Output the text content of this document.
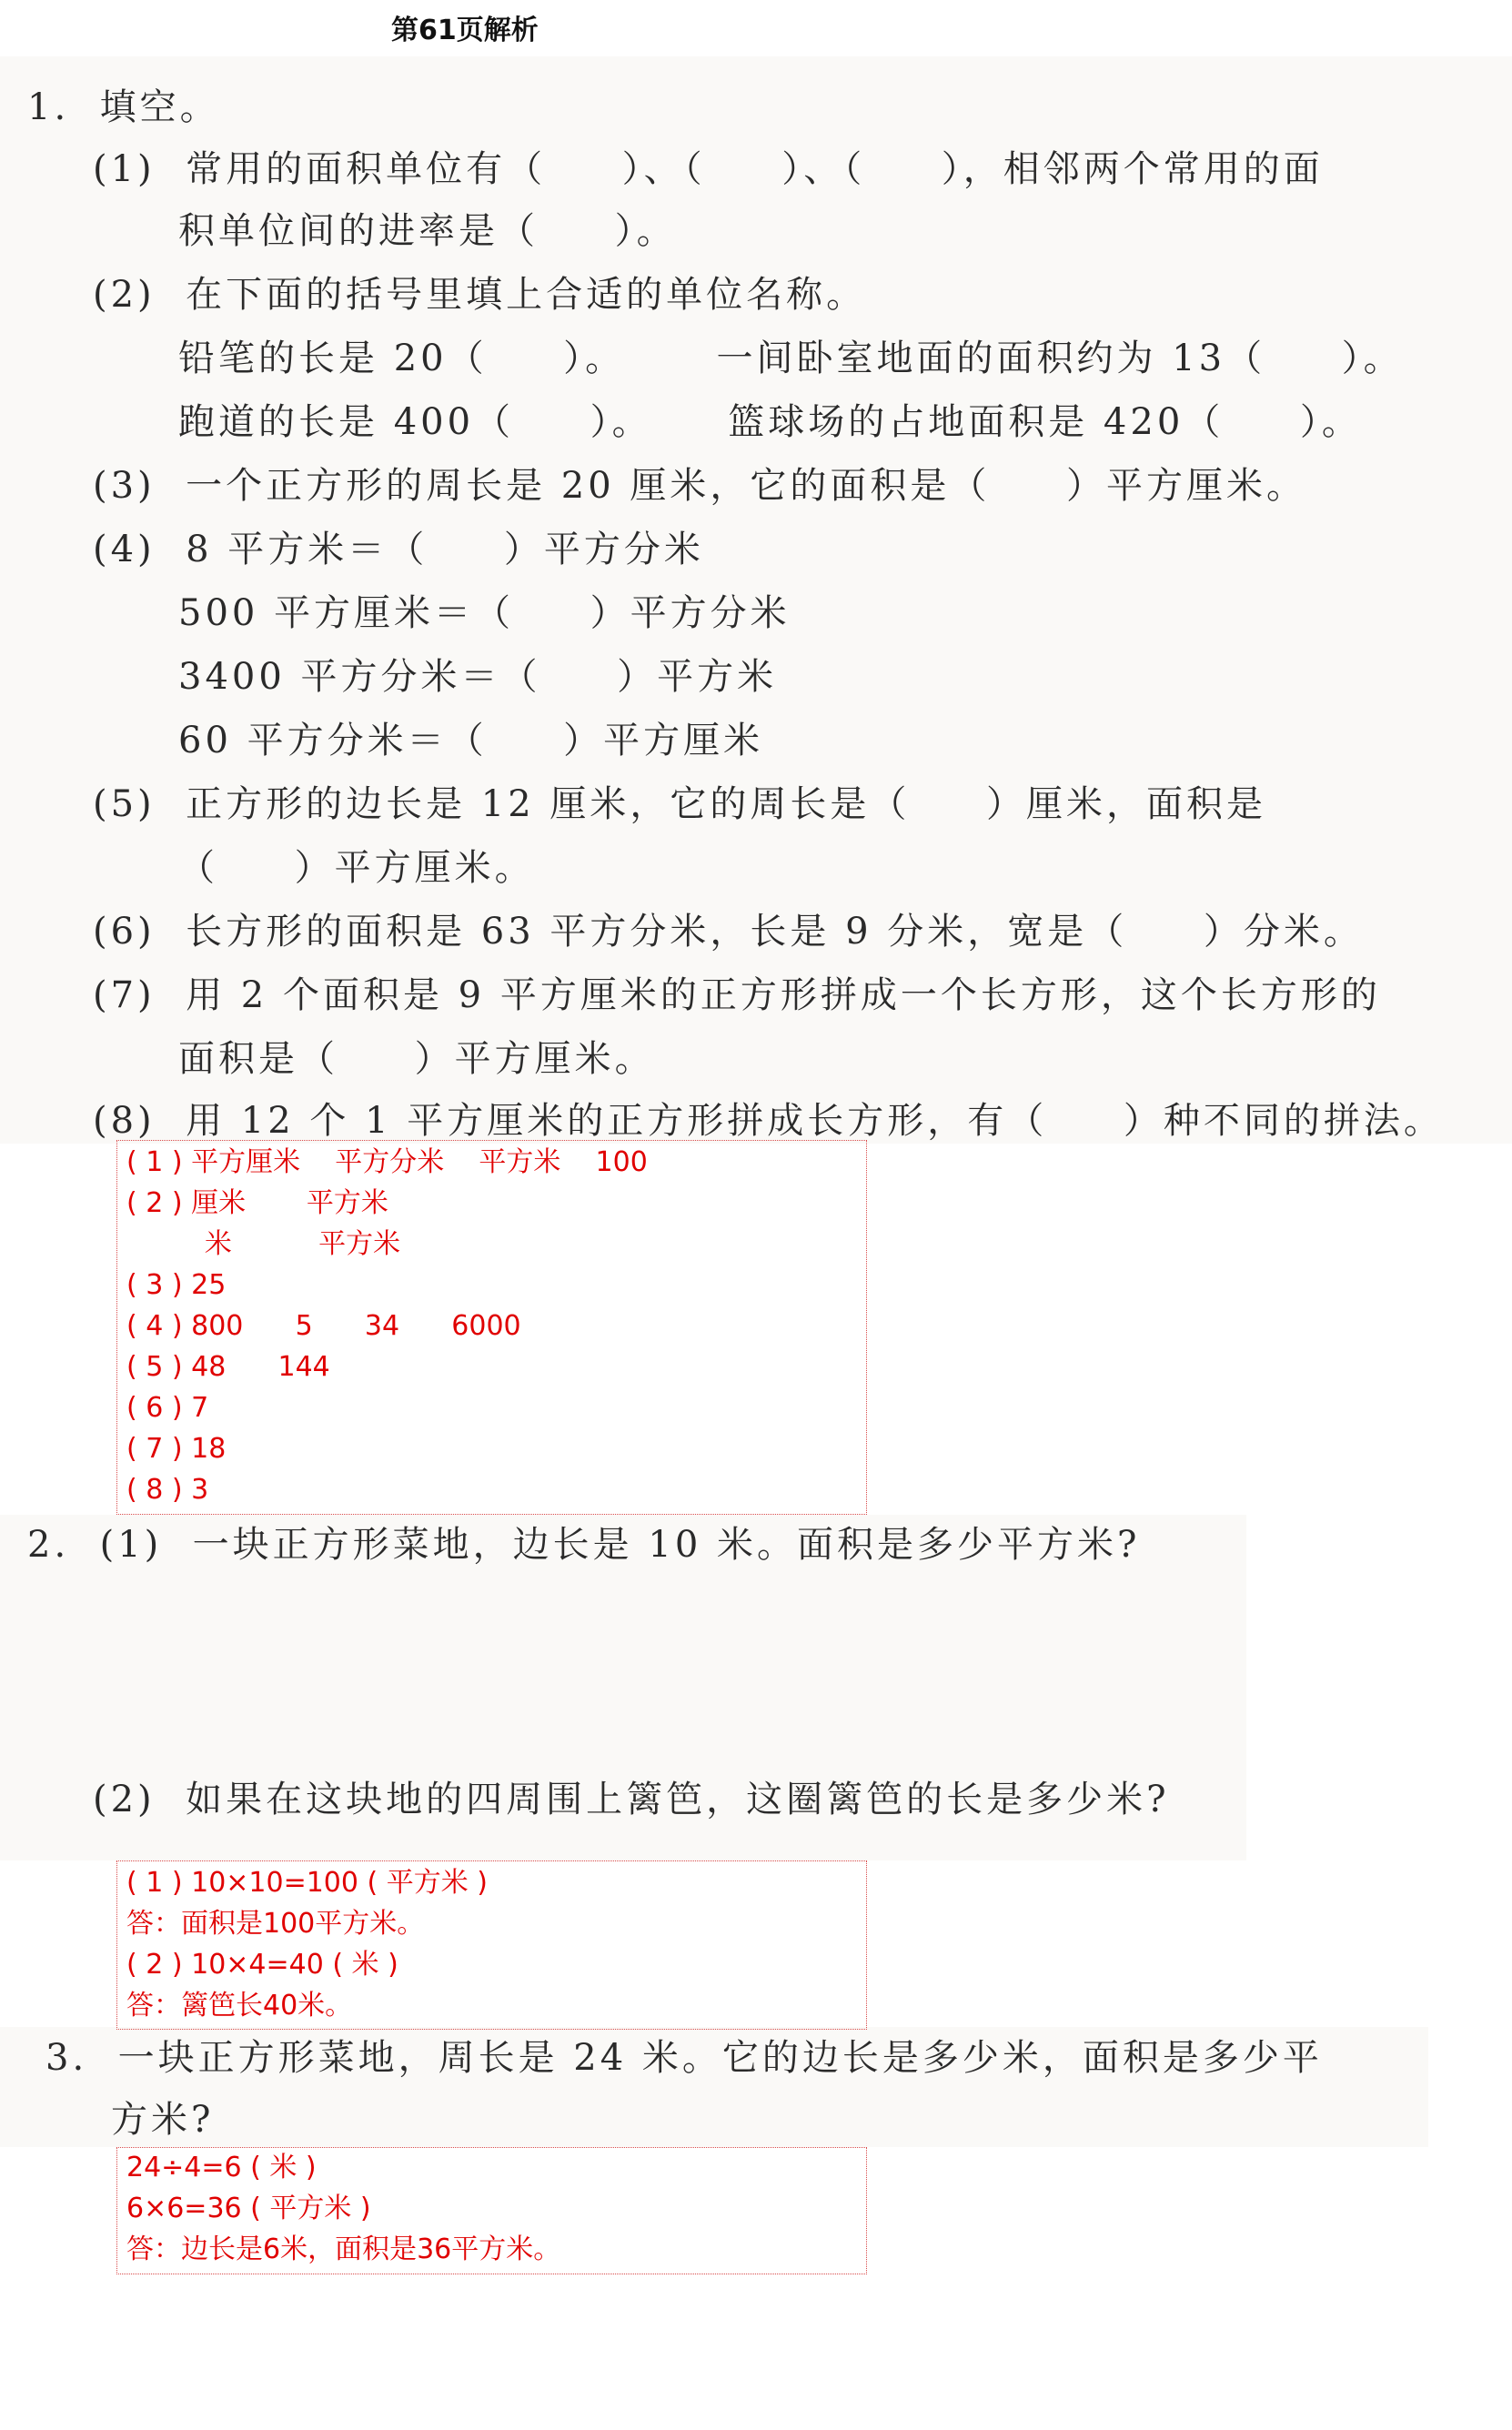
第61页解析
1.  填空。
(1)  常用的面积单位有（     ）、（     ）、（     ），相邻两个常用的面
积单位间的进率是（     ）。
(2)  在下面的括号里填上合适的单位名称。
铅笔的长是 20（     ）。      一间卧室地面的面积约为 13（     ）。
跑道的长是 400（     ）。     篮球场的占地面积是 420（     ）。
(3)  一个正方形的周长是 20 厘米，它的面积是（     ）平方厘米。
(4)  8 平方米＝（     ）平方分米
500 平方厘米＝（     ）平方分米
3400 平方分米＝（     ）平方米
60 平方分米＝（     ）平方厘米
(5)  正方形的边长是 12 厘米，它的周长是（     ）厘米，面积是
（     ）平方厘米。
(6)  长方形的面积是 63 平方分米，长是 9 分米，宽是（     ）分米。
(7)  用 2 个面积是 9 平方厘米的正方形拼成一个长方形，这个长方形的
面积是（     ）平方厘米。
(8)  用 12 个 1 平方厘米的正方形拼成长方形，有（     ）种不同的拼法。
( 1 ) 平方厘米    平方分米    平方米    100
( 2 ) 厘米       平方米
米          平方米
( 3 ) 25
( 4 ) 800      5      34      6000
( 5 ) 48      144
( 6 ) 7
( 7 ) 18
( 8 ) 3
2.  (1)  一块正方形菜地，边长是 10 米。面积是多少平方米?
(2)  如果在这块地的四周围上篱笆，这圈篱笆的长是多少米?
( 1 ) 10×10=100 ( 平方米 )
答：面积是100平方米。
( 2 ) 10×4=40 ( 米 )
答：篱笆长40米。
3.  一块正方形菜地，周长是 24 米。它的边长是多少米，面积是多少平
方米?
24÷4=6 ( 米 )
6×6=36 ( 平方米 )
答：边长是6米，面积是36平方米。
